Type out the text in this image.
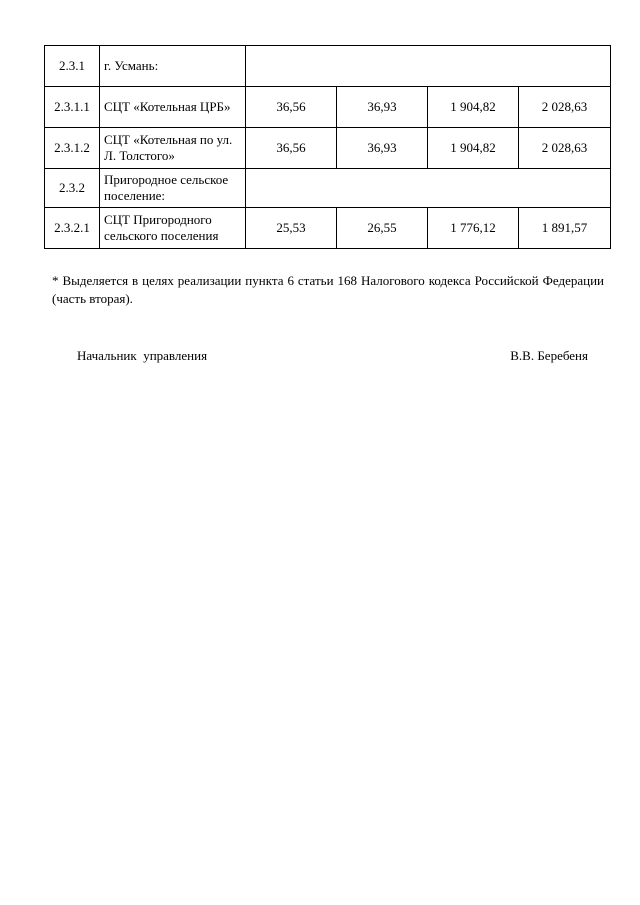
2.3.1	г. Усмань:				
2.3.1.1	СЦТ «Котельная ЦРБ»	36,56	36,93	1 904,82	2 028,63
2.3.1.2	СЦТ «Котельная по ул. Л. Толстого»	36,56	36,93	1 904,82	2 028,63
2.3.2	Пригородное сельское поселение:				
2.3.2.1	СЦТ Пригородного сельского поселения	25,53	26,55	1 776,12	1 891,57

* Выделяется в целях реализации пункта 6 статьи 168 Налогового кодекса Российской Федерации (часть вторая).

Начальник  управления	В.В. Беребеня
